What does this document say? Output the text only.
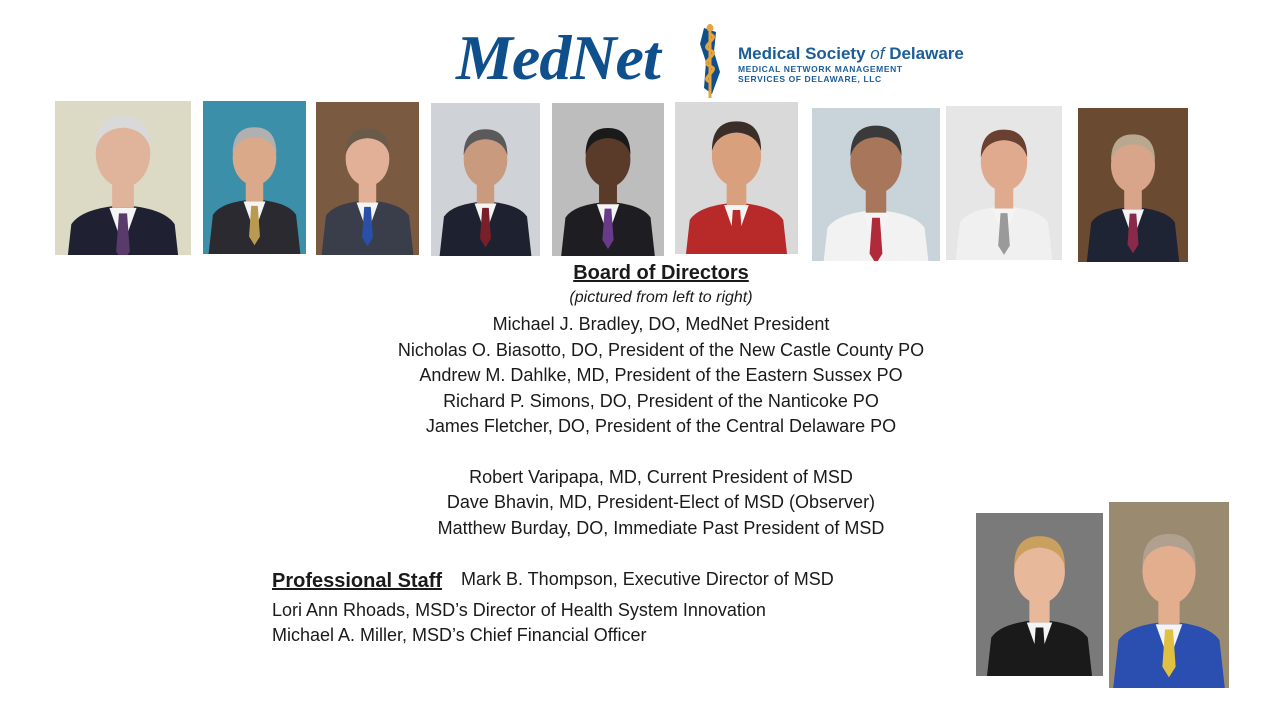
MedNet	Medical Society of Delaware
MEDICAL NETWORK MANAGEMENT
SERVICES OF DELAWARE, LLC
Board of Directors
(pictured from left to right)
Michael J. Bradley, DO, MedNet President
Nicholas O. Biasotto, DO, President of the New Castle County PO
Andrew M. Dahlke, MD, President of the Eastern Sussex PO
Richard P. Simons, DO, President of the Nanticoke PO
James Fletcher, DO, President of the Central Delaware PO
Robert Varipapa, MD, Current President of MSD
Dave Bhavin, MD, President-Elect of MSD (Observer)
Matthew Burday, DO, Immediate Past President of MSD
Professional Staff Mark B. Thompson, Executive Director of MSD
Lori Ann Rhoads, MSD’s Director of Health System Innovation
Michael A. Miller, MSD’s Chief Financial Officer
